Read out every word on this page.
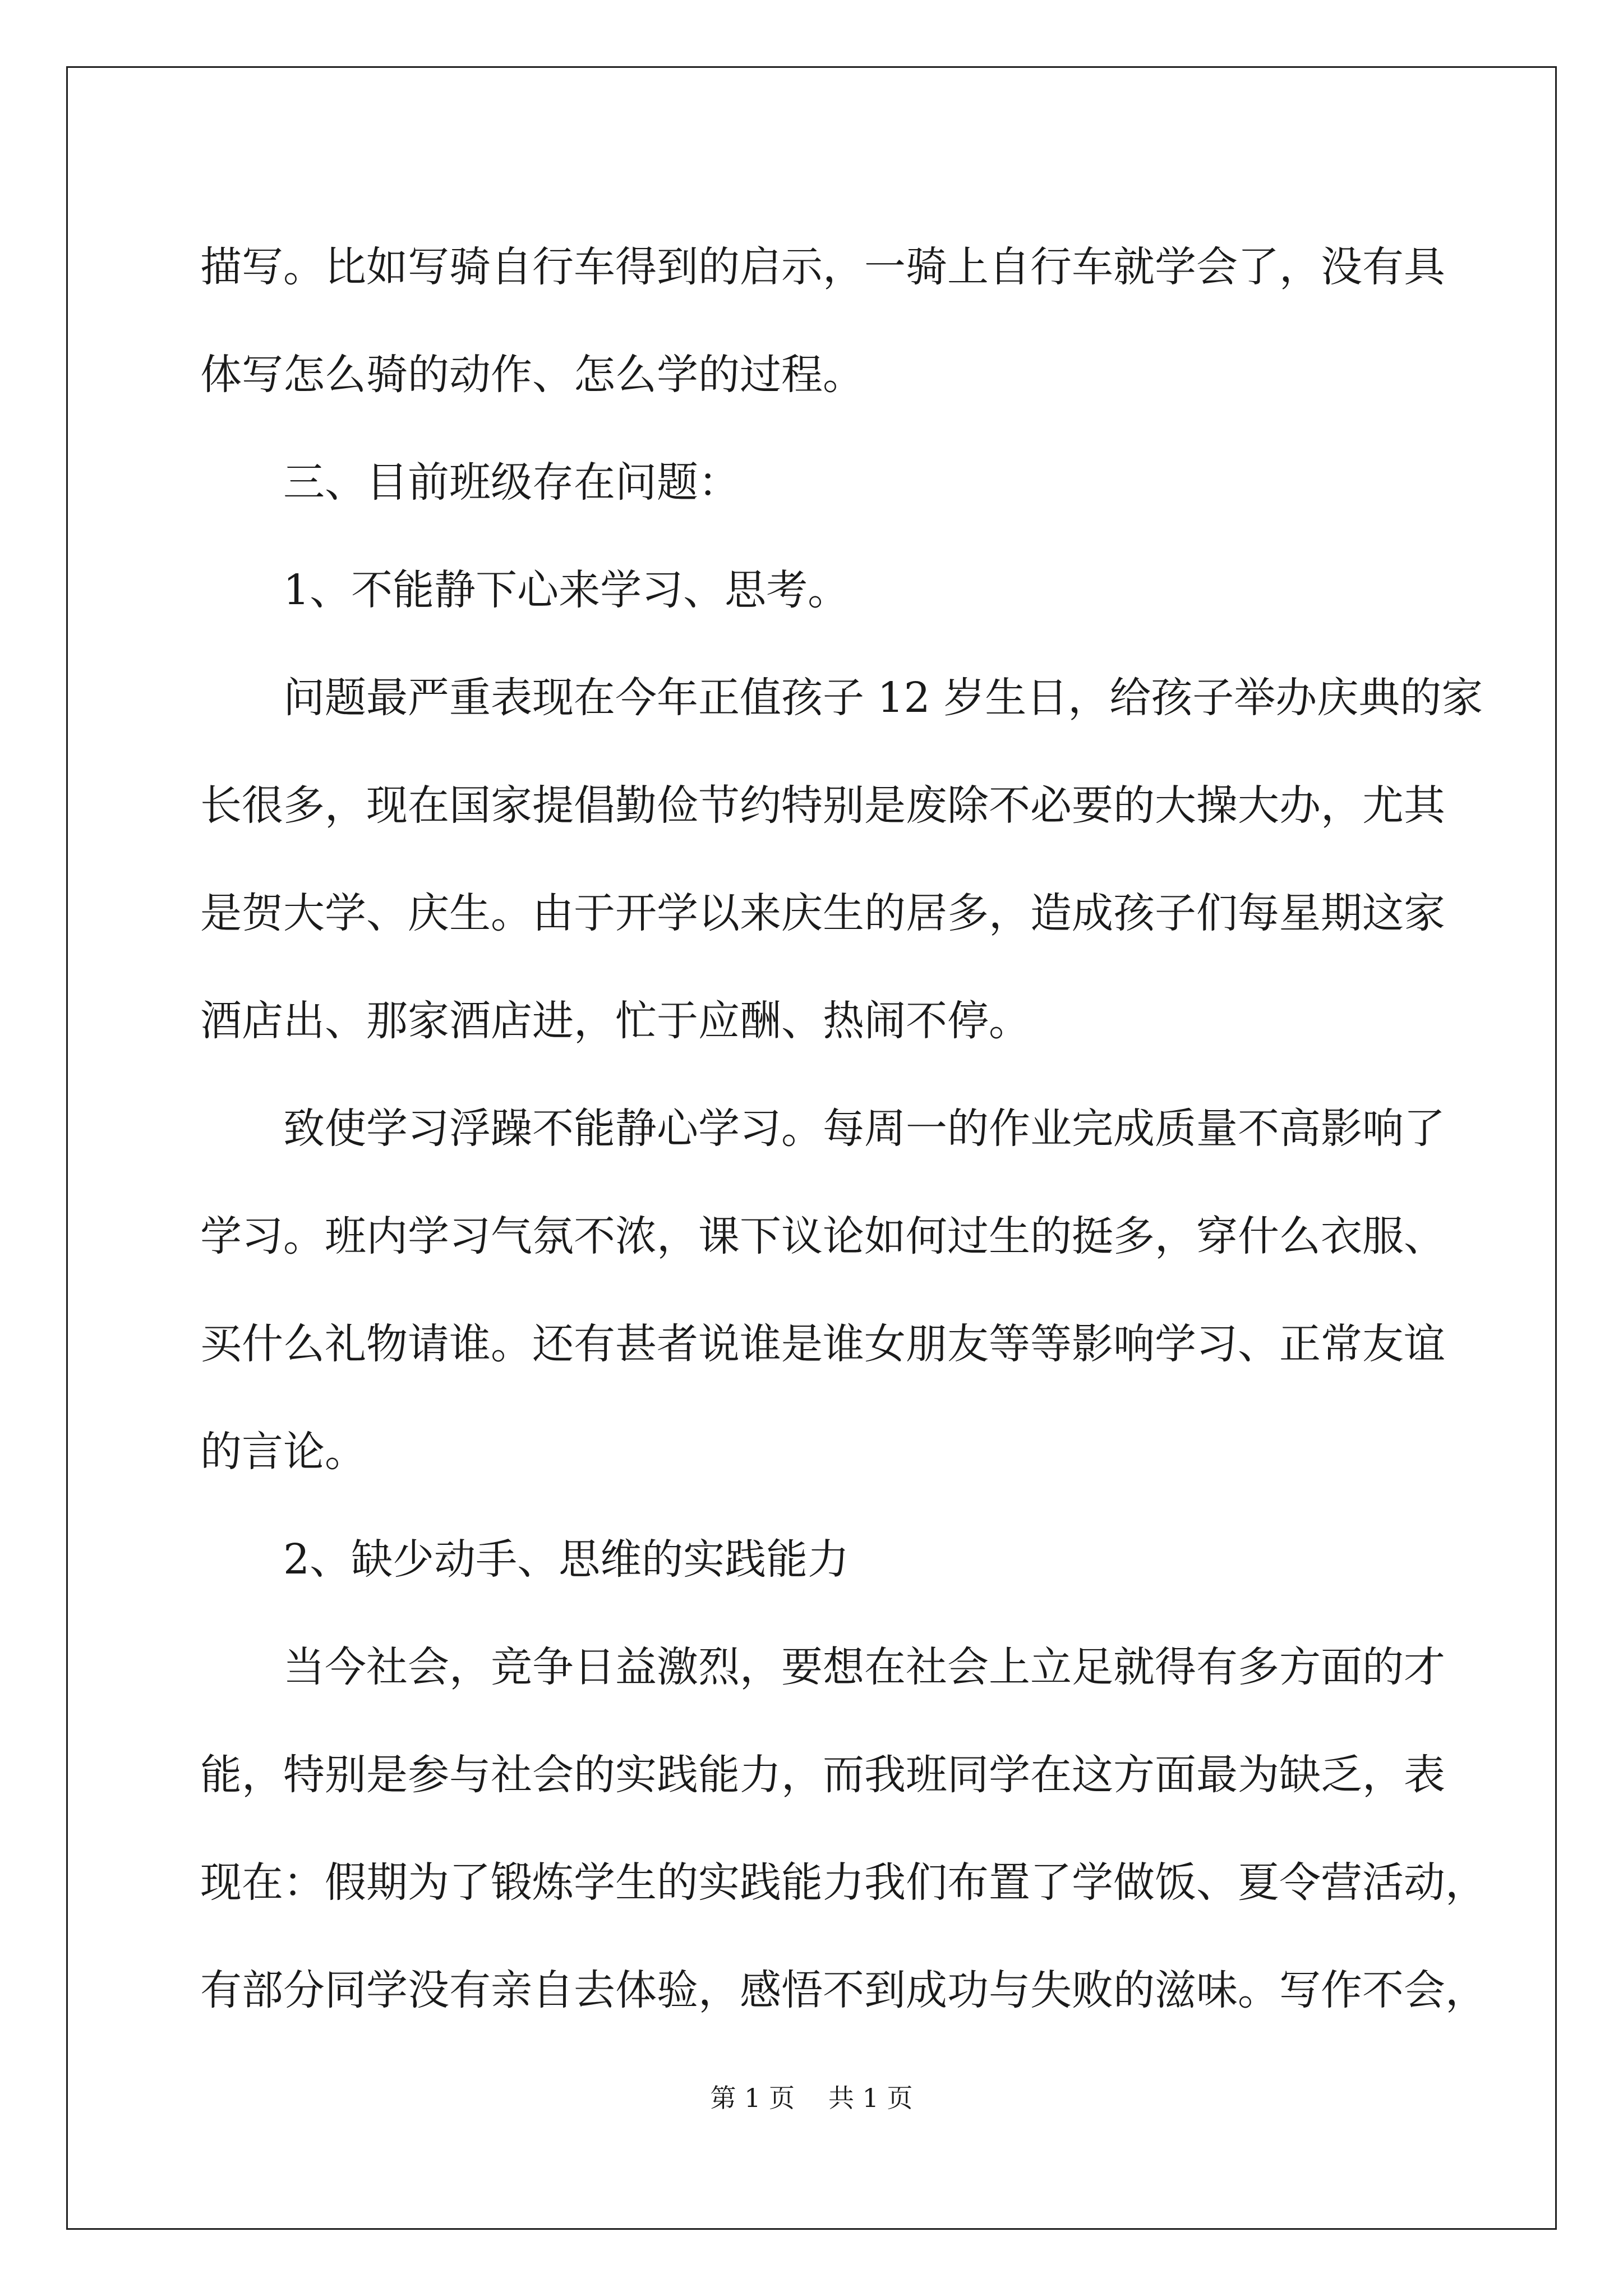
描写。比如写骑自行车得到的启示，一骑上自行车就学会了，没有具
体写怎么骑的动作、怎么学的过程。
三、目前班级存在问题：
1、不能静下心来学习、思考。
问题最严重表现在今年正值孩子 12 岁生日，给孩子举办庆典的家
长很多，现在国家提倡勤俭节约特别是废除不必要的大操大办，尤其
是贺大学、庆生。由于开学以来庆生的居多，造成孩子们每星期这家
酒店出、那家酒店进，忙于应酬、热闹不停。
致使学习浮躁不能静心学习。每周一的作业完成质量不高影响了
学习。班内学习气氛不浓，课下议论如何过生的挺多，穿什么衣服、
买什么礼物请谁。还有甚者说谁是谁女朋友等等影响学习、正常友谊
的言论。
2、缺少动手、思维的实践能力
当今社会，竞争日益激烈，要想在社会上立足就得有多方面的才
能，特别是参与社会的实践能力，而我班同学在这方面最为缺乏，表
现在：假期为了锻炼学生的实践能力我们布置了学做饭、夏令营活动，
有部分同学没有亲自去体验，感悟不到成功与失败的滋味。写作不会，
第 1 页 共 1 页
